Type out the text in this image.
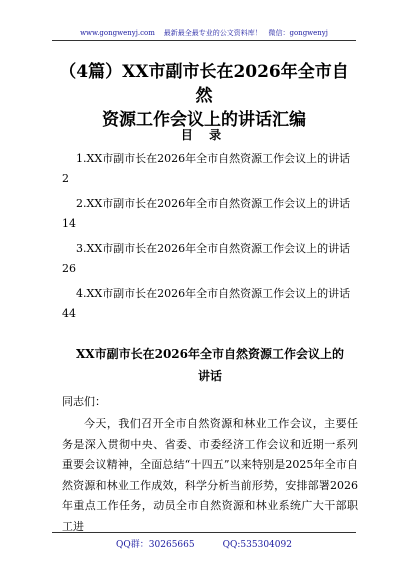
www.gongwenyj.com 最新最全最专业的公文资料库！ 微信：gongwenyj
（4篇）XX市副市长在2026年全市自然
资源工作会议上的讲话汇编
目 录
1.XX市副市长在2026年全市自然资源工作会议上的讲话
2
2.XX市副市长在2026年全市自然资源工作会议上的讲话
14
3.XX市副市长在2026年全市自然资源工作会议上的讲话
26
4.XX市副市长在2026年全市自然资源工作会议上的讲话
44
XX市副市长在2026年全市自然资源工作会议上的
讲话
同志们：
今天，我们召开全市自然资源和林业工作会议，主要任务是深入贯彻中央、省委、市委经济工作会议和近期一系列重要会议精神，全面总结“十四五”以来特别是2025年全市自然资源和林业工作成效，科学分析当前形势，安排部署2026年重点工作任务，动员全市自然资源和林业系统广大干部职工进
QQ群：30265665	QQ:535304092
